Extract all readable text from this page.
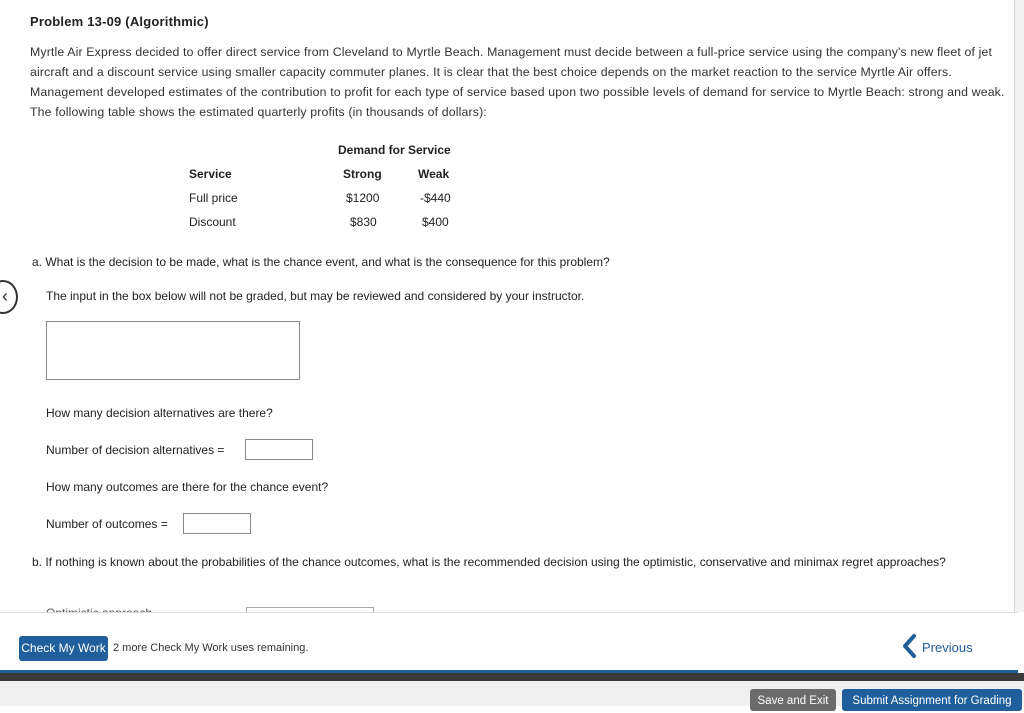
Problem 13-09 (Algorithmic)
Myrtle Air Express decided to offer direct service from Cleveland to Myrtle Beach. Management must decide between a full-price service using the company's new fleet of jet aircraft and a discount service using smaller capacity commuter planes. It is clear that the best choice depends on the market reaction to the service Myrtle Air offers. Management developed estimates of the contribution to profit for each type of service based upon two possible levels of demand for service to Myrtle Beach: strong and weak. The following table shows the estimated quarterly profits (in thousands of dollars):
Demand for Service
Service	Strong	Weak
Full price	$1200	-$440
Discount	$830	$400
‹
a. What is the decision to be made, what is the chance event, and what is the consequence for this problem?
The input in the box below will not be graded, but may be reviewed and considered by your instructor.
How many decision alternatives are there?
Number of decision alternatives =
How many outcomes are there for the chance event?
Number of outcomes =
b. If nothing is known about the probabilities of the chance outcomes, what is the recommended decision using the optimistic, conservative and minimax regret approaches?
Check My Work 2 more Check My Work uses remaining.	Previous
Save and Exit	Submit Assignment for Grading
